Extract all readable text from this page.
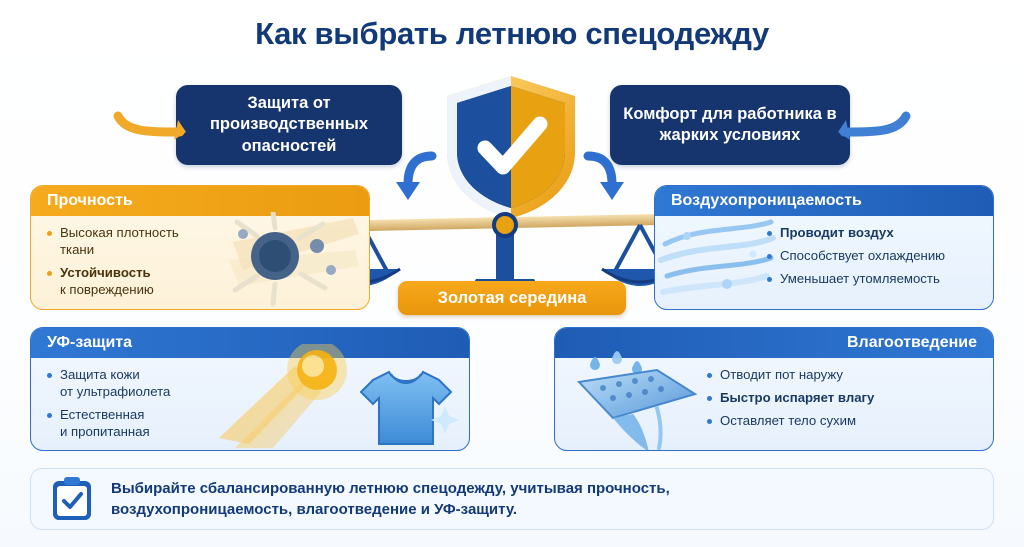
Как выбрать летнюю спецодежду
Защита от производственных опасностей
Комфорт для работника в жарких условиях
Золотая середина
Прочность
Высокая плотность
ткани
Устойчивость
к повреждению
Воздухопроницаемость
Проводит воздух
Способствует охлаждению
Уменьшает утомляемость
УФ-защита
Защита кожи
от ультрафиолета
Естественная
и пропитанная
Влагоотведение
Отводит пот наружу
Быстро испаряет влагу
Оставляет тело сухим
Выбирайте сбалансированную летнюю спецодежду, учитывая прочность,
воздухопроницаемость, влагоотведение и УФ-защиту.
